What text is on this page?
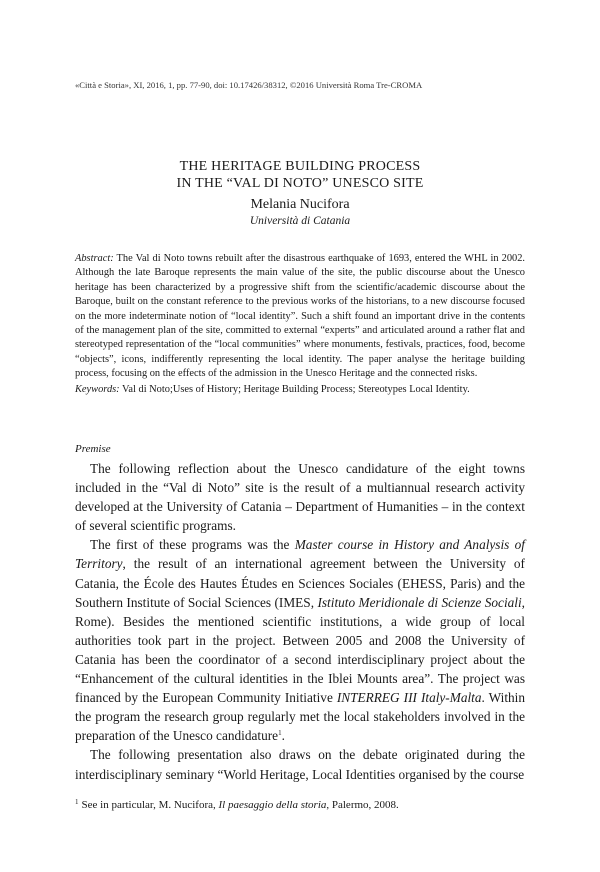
«Città e Storia», XI, 2016, 1, pp. 77-90, doi: 10.17426/38312, ©2016 Università Roma Tre-CROMA
THE HERITAGE BUILDING PROCESS
IN THE “VAL DI NOTO” UNESCO SITE
Melania Nucifora
Università di Catania

Abstract: The Val di Noto towns rebuilt after the disastrous earthquake of 1693, entered the WHL in 2002. Although the late Baroque represents the main value of the site, the public discourse about the Unesco heritage has been characterized by a progressive shift from the scientific/academic discourse about the Baroque, built on the constant reference to the previous works of the historians, to a new discourse focused on the more indeterminate notion of “local identity”. Such a shift found an important drive in the contents of the management plan of the site, committed to external “experts” and articulated around a rather flat and stereotyped representation of the “local communities” where monuments, festivals, practices, food, become “objects”, icons, indifferently representing the local identity. The paper analyse the heritage building process, focusing on the effects of the admission in the Unesco Heritage and the connected risks.

Keywords: Val di Noto;Uses of History; Heritage Building Process; Stereotypes Local Identity.

Premise

The following reflection about the Unesco candidature of the eight towns included in the “Val di Noto” site is the result of a multiannual research activity developed at the University of Catania – Department of Humanities – in the context of several scientific programs.

The first of these programs was the Master course in History and Analysis of Territory, the result of an international agreement between the University of Catania, the École des Hautes Études en Sciences Sociales (EHESS, Paris) and the Southern Institute of Social Sciences (IMES, Istituto Meridionale di Scienze Sociali, Rome). Besides the mentioned scientific institutions, a wide group of local authorities took part in the project. Between 2005 and 2008 the University of Catania has been the coordinator of a second interdisciplinary project about the “Enhancement of the cultural identities in the Iblei Mounts area”. The project was financed by the European Community Initiative INTERREG III Italy-Malta. Within the program the research group regularly met the local stakeholders involved in the preparation of the Unesco candidature$^1$.

The following presentation also draws on the debate originated during the interdisciplinary seminary “World Heritage, Local Identities organised by the course

$^1$ See in particular, M. Nucifora, Il paesaggio della storia, Palermo, 2008.
